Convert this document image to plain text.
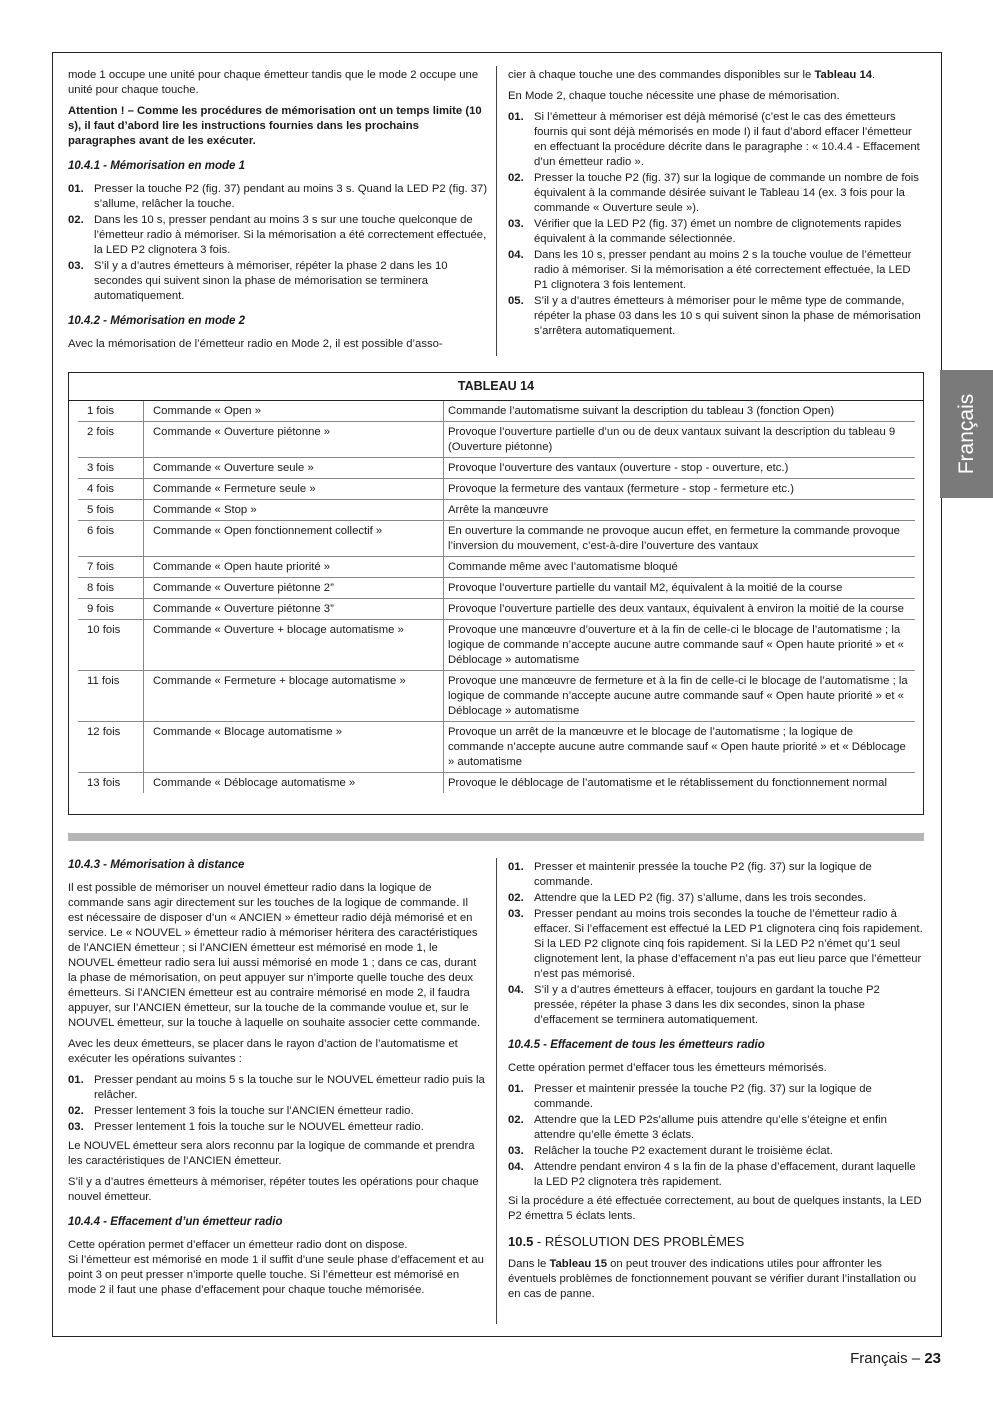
mode 1 occupe une unité pour chaque émetteur tandis que le mode 2 occupe une unité pour chaque touche.

Attention ! – Comme les procédures de mémorisation ont un temps limite (10 s), il faut d’abord lire les instructions fournies dans les prochains paragraphes avant de les exécuter.

10.4.1 - Mémorisation en mode 1
01. Presser la touche P2 (fig. 37) pendant au moins 3 s. Quand la LED P2 (fig. 37) s’allume, relâcher la touche.
02. Dans les 10 s, presser pendant au moins 3 s sur une touche quelconque de l’émetteur radio à mémoriser. Si la mémorisation a été correctement effectuée, la LED P2 clignotera 3 fois.
03. S’il y a d’autres émetteurs à mémoriser, répéter la phase 2 dans les 10 secondes qui suivent sinon la phase de mémorisation se terminera automatiquement.
10.4.2 - Mémorisation en mode 2

Avec la mémorisation de l’émetteur radio en Mode 2, il est possible d’asso-

cier à chaque touche une des commandes disponibles sur le Tableau 14.

En Mode 2, chaque touche nécessite une phase de mémorisation.

01. Si l’émetteur à mémoriser est déjà mémorisé (c’est le cas des émetteurs fournis qui sont déjà mémorisés en mode I) il faut d’abord effacer l’émetteur en effectuant la procédure décrite dans le paragraphe : « 10.4.4 - Effacement d’un émetteur radio ».
02. Presser la touche P2 (fig. 37) sur la logique de commande un nombre de fois équivalent à la commande désirée suivant le Tableau 14 (ex. 3 fois pour la commande « Ouverture seule »).
03. Vérifier que la LED P2 (fig. 37) émet un nombre de clignotements rapides équivalent à la commande sélectionnée.
04. Dans les 10 s, presser pendant au moins 2 s la touche voulue de l’émetteur radio à mémoriser. Si la mémorisation a été correctement effectuée, la LED P1 clignotera 3 fois lentement.
05. S’il y a d’autres émetteurs à mémoriser pour le même type de commande, répéter la phase 03 dans les 10 s qui suivent sinon la phase de mémorisation s’arrêtera automatiquement.
TABLEAU 14
1 fois	Commande « Open »	Commande l’automatisme suivant la description du tableau 3 (fonction Open)
2 fois	Commande « Ouverture piétonne »	Provoque l’ouverture partielle d’un ou de deux vantaux suivant la description du tableau 9 (Ouverture piétonne)
3 fois	Commande « Ouverture seule »	Provoque l’ouverture des vantaux (ouverture - stop - ouverture, etc.)
4 fois	Commande « Fermeture seule »	Provoque la fermeture des vantaux (fermeture - stop - fermeture etc.)
5 fois	Commande « Stop »	Arrête la manœuvre
6 fois	Commande « Open fonctionnement collectif »	En ouverture la commande ne provoque aucun effet, en fermeture la commande provoque l’inversion du mouvement, c’est-à-dire l’ouverture des vantaux
7 fois	Commande « Open haute priorité »	Commande même avec l’automatisme bloqué
8 fois	Commande « Ouverture piétonne 2”	Provoque l’ouverture partielle du vantail M2, équivalent à la moitié de la course
9 fois	Commande « Ouverture piétonne 3”	Provoque l’ouverture partielle des deux vantaux, équivalent à environ la moitié de la course
10 fois	Commande « Ouverture + blocage automatisme »	Provoque une manœuvre d’ouverture et à la fin de celle-ci le blocage de l’automatisme ; la logique de commande n’accepte aucune autre commande sauf « Open haute priorité » et « Déblocage » automatisme
11 fois	Commande « Fermeture + blocage automatisme »	Provoque une manœuvre de fermeture et à la fin de celle-ci le blocage de l’automatisme ; la logique de commande n’accepte aucune autre commande sauf « Open haute priorité » et « Déblocage » automatisme
12 fois	Commande « Blocage automatisme »	Provoque un arrêt de la manœuvre et le blocage de l’automatisme ; la logique de commande n’accepte aucune autre commande sauf « Open haute priorité » et « Déblocage » automatisme
13 fois	Commande « Déblocage automatisme »	Provoque le déblocage de l’automatisme et le rétablissement du fonctionnement normal
10.4.3 - Mémorisation à distance

Il est possible de mémoriser un nouvel émetteur radio dans la logique de commande sans agir directement sur les touches de la logique de commande. Il est nécessaire de disposer d’un « ANCIEN » émetteur radio déjà mémorisé et en service. Le « NOUVEL » émetteur radio à mémoriser héritera des caractéristiques de l’ANCIEN émetteur ; si l’ANCIEN émetteur est mémorisé en mode 1, le NOUVEL émetteur radio sera lui aussi mémorisé en mode 1 ; dans ce cas, durant la phase de mémorisation, on peut appuyer sur n’importe quelle touche des deux émetteurs. Si l’ANCIEN émetteur est au contraire mémorisé en mode 2, il faudra appuyer, sur l’ANCIEN émetteur, sur la touche de la commande voulue et, sur le NOUVEL émetteur, sur la touche à laquelle on souhaite associer cette commande.

Avec les deux émetteurs, se placer dans le rayon d’action de l’automatisme et exécuter les opérations suivantes :

01. Presser pendant au moins 5 s la touche sur le NOUVEL émetteur radio puis la relâcher.
02. Presser lentement 3 fois la touche sur l’ANCIEN émetteur radio.
03. Presser lentement 1 fois la touche sur le NOUVEL émetteur radio.

Le NOUVEL émetteur sera alors reconnu par la logique de commande et prendra les caractéristiques de l’ANCIEN émetteur.

S’il y a d’autres émetteurs à mémoriser, répéter toutes les opérations pour chaque nouvel émetteur.

10.4.4 - Effacement d’un émetteur radio

Cette opération permet d’effacer un émetteur radio dont on dispose.

Si l’émetteur est mémorisé en mode 1 il suffit d’une seule phase d’effacement et au point 3 on peut presser n’importe quelle touche. Si l’émetteur est mémorisé en mode 2 il faut une phase d’effacement pour chaque touche mémorisée.

01. Presser et maintenir pressée la touche P2 (fig. 37) sur la logique de commande.
02. Attendre que la LED P2 (fig. 37) s’allume, dans les trois secondes.
03. Presser pendant au moins trois secondes la touche de l’émetteur radio à effacer. Si l’effacement est effectué la LED P1 clignotera cinq fois rapidement. Si la LED P2 clignote cinq fois rapidement. Si la LED P2 n’émet qu’1 seul clignotement lent, la phase d’effacement n’a pas eut lieu parce que l’émetteur n’est pas mémorisé.
04. S’il y a d’autres émetteurs à effacer, toujours en gardant la touche P2 pressée, répéter la phase 3 dans les dix secondes, sinon la phase d’effacement se terminera automatiquement.
10.4.5 - Effacement de tous les émetteurs radio

Cette opération permet d’effacer tous les émetteurs mémorisés.

01. Presser et maintenir pressée la touche P2 (fig. 37) sur la logique de commande.
02. Attendre que la LED P2s’allume puis attendre qu’elle s’éteigne et enfin attendre qu’elle émette 3 éclats.
03. Relâcher la touche P2 exactement durant le troisième éclat.
04. Attendre pendant environ 4 s la fin de la phase d’effacement, durant laquelle la LED P2 clignotera très rapidement.

Si la procédure a été effectuée correctement, au bout de quelques instants, la LED P2 émettra 5 éclats lents.

10.5 - RÉSOLUTION DES PROBLÈMES

Dans le Tableau 15 on peut trouver des indications utiles pour affronter les éventuels problèmes de fonctionnement pouvant se vérifier durant l’installation ou en cas de panne.

Français
Français – 23
